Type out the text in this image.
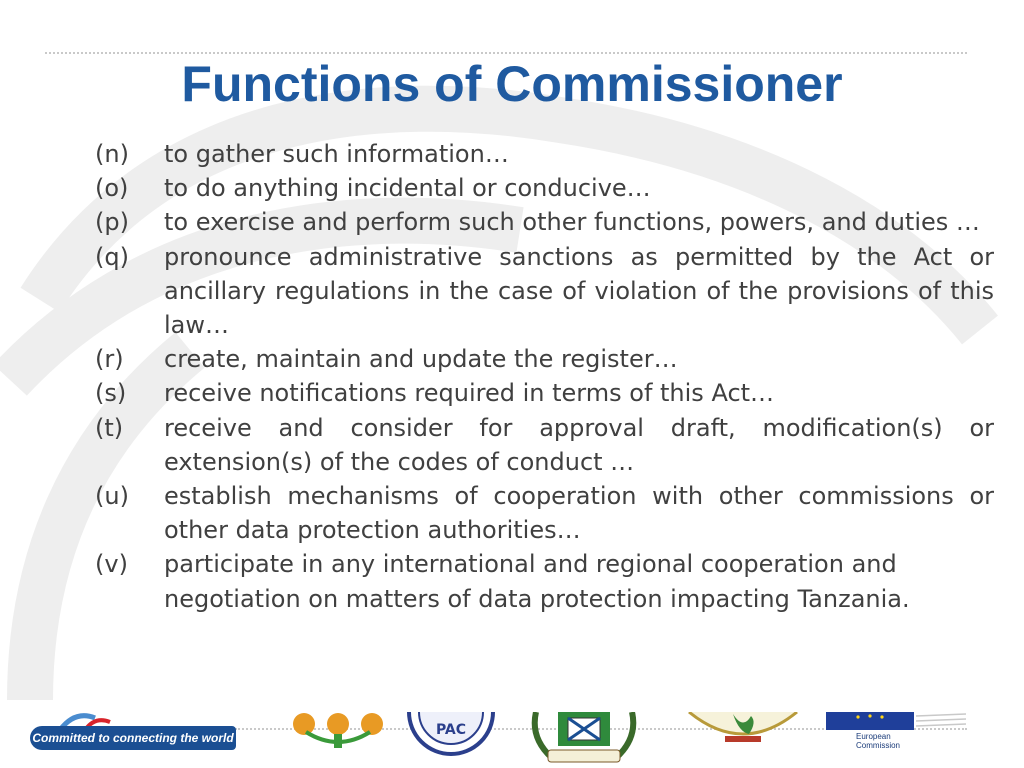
Functions of Commissioner
(n)	to gather such information…
(o)	to do anything incidental or conducive…
(p)	to exercise and perform such other functions, powers, and duties …
(q)	pronounce administrative sanctions as permitted by the Act or ancillary regulations in the case of violation of the provisions of this law…
(r)	create, maintain and update the register…
(s)	receive notifications required in terms of this Act…
(t)	receive and consider for approval draft, modification(s) or extension(s) of the codes of conduct …
(u)	establish mechanisms of cooperation with other commissions or other data protection authorities…
(v)	participate in any international and regional cooperation and negotiation on matters of data protection impacting Tanzania.
Committed to connecting the world	PAC	European
Commission
